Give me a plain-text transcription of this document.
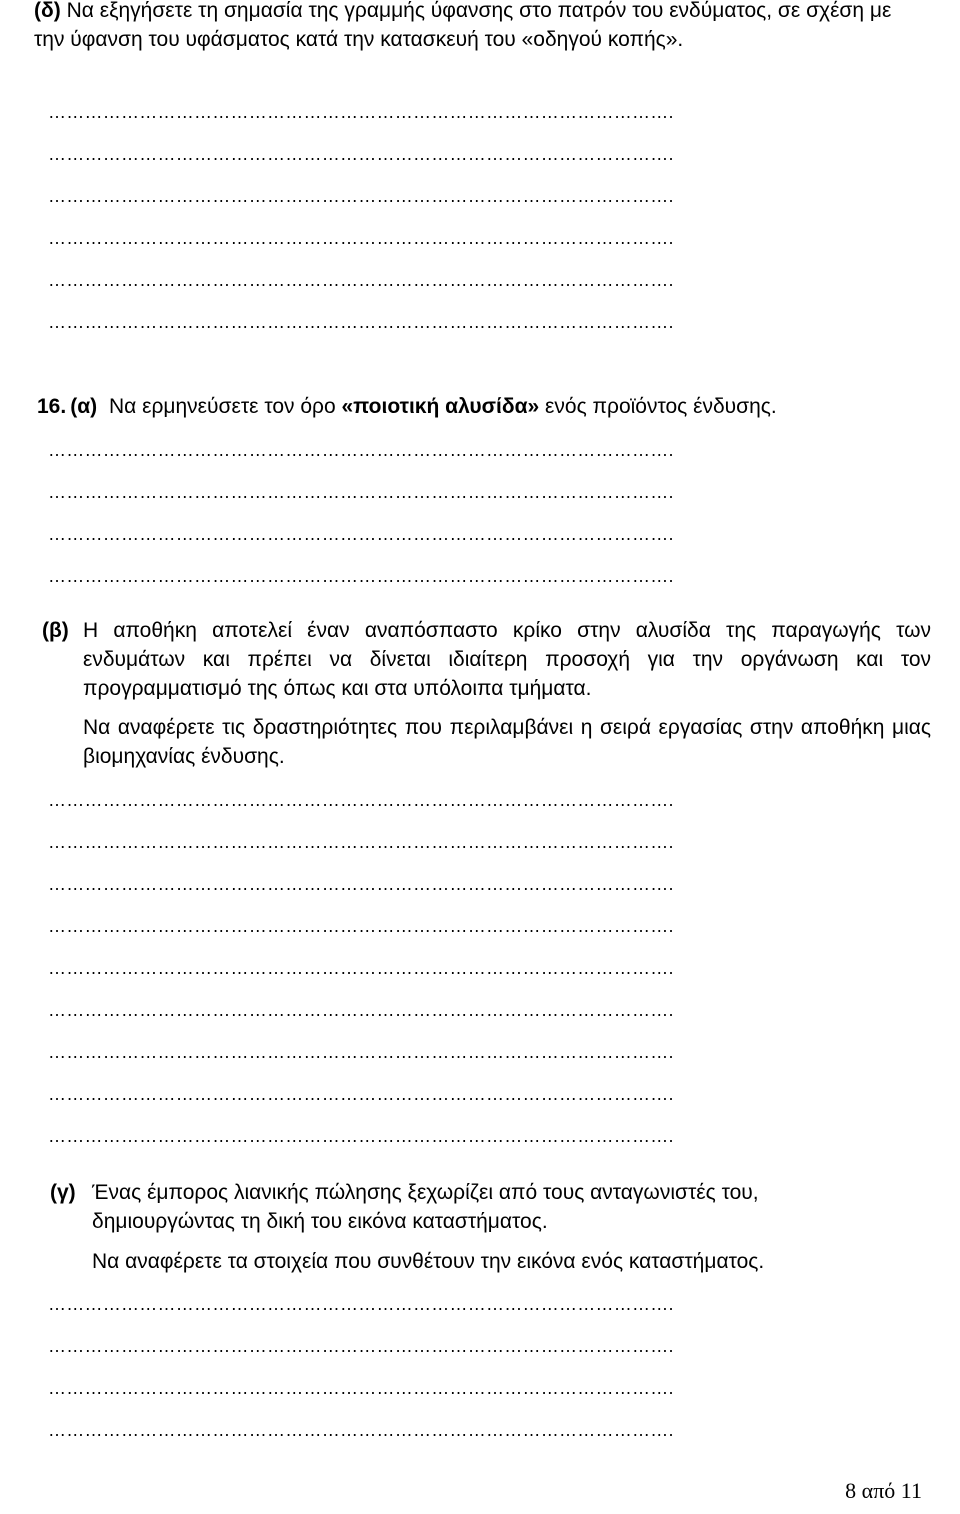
(δ) Να εξηγήσετε τη σημασία της γραμμής ύφανσης στο πατρόν του ενδύματος, σε σχέση με την ύφανση του υφάσματος κατά την κατασκευή του «οδηγού κοπής».
………………………………………………………………………………………….
………………………………………………………………………………………….
………………………………………………………………………………………….
………………………………………………………………………………………….
………………………………………………………………………………………….
………………………………………………………………………………………….
16. (α) Να ερμηνεύσετε τον όρο «ποιοτική αλυσίδα» ενός προϊόντος ένδυσης.
………………………………………………………………………………………….
………………………………………………………………………………………….
………………………………………………………………………………………….
………………………………………………………………………………………….
(β) Η αποθήκη αποτελεί έναν αναπόσπαστο κρίκο στην αλυσίδα της παραγωγής των ενδυμάτων και πρέπει να δίνεται ιδιαίτερη προσοχή για την οργάνωση και τον προγραμματισμό της όπως και στα υπόλοιπα τμήματα.
Να αναφέρετε τις δραστηριότητες που περιλαμβάνει η σειρά εργασίας στην αποθήκη μιας βιομηχανίας ένδυσης.
………………………………………………………………………………………….
………………………………………………………………………………………….
………………………………………………………………………………………….
………………………………………………………………………………………….
………………………………………………………………………………………….
………………………………………………………………………………………….
………………………………………………………………………………………….
………………………………………………………………………………………….
………………………………………………………………………………………….
(γ) Ένας έμπορος λιανικής πώλησης ξεχωρίζει από τους ανταγωνιστές του, δημιουργώντας τη δική του εικόνα καταστήματος.
Να αναφέρετε τα στοιχεία που συνθέτουν την εικόνα ενός καταστήματος.
………………………………………………………………………………………….
………………………………………………………………………………………….
………………………………………………………………………………………….
………………………………………………………………………………………….
8 από 11
